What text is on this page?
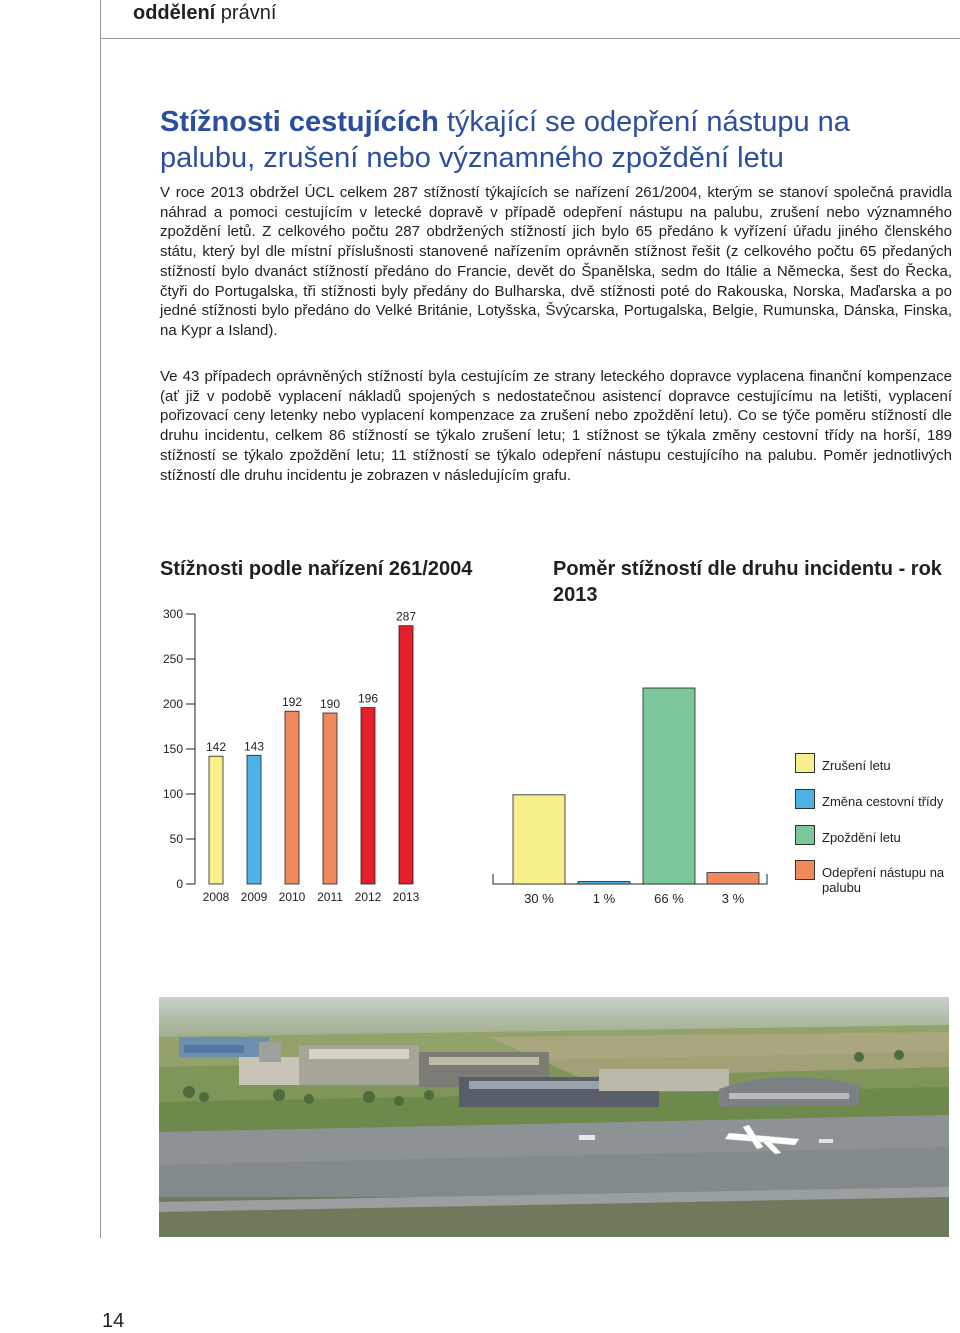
oddělení právní
Stížnosti cestujících týkající se odepření nástupu na palubu, zrušení nebo významného zpoždění letu

V roce 2013 obdržel ÚCL celkem 287 stížností týkajících se nařízení 261/2004, kterým se stanoví společná pravidla náhrad a pomoci cestujícím v letecké dopravě v případě odepření nástupu na palubu, zrušení nebo významného zpoždění letů. Z celkového počtu 287 obdržených stížností jich bylo 65 předáno k vyřízení úřadu jiného členského státu, který byl dle místní příslušnosti stanovené nařízením oprávněn stížnost řešit (z celkového počtu 65 předaných stížností bylo dvanáct stížností předáno do Francie, devět do Španělska, sedm do Itálie a Německa, šest do Řecka, čtyři do Portugalska, tři stížnosti byly předány do Bulharska, dvě stížnosti poté do Rakouska, Norska, Maďarska a po jedné stížnosti bylo předáno do Velké Británie, Lotyšska, Švýcarska, Portugalska, Belgie, Rumunska, Dánska, Finska, na Kypr a Island).

Ve 43 případech oprávněných stížností byla cestujícím ze strany leteckého dopravce vyplacena finanční kompenzace (ať již v podobě vyplacení nákladů spojených s nedostatečnou asistencí dopravce cestujícímu na letišti, vyplacení pořizovací ceny letenky nebo vyplacení kompenzace za zrušení nebo zpoždění letu). Co se týče poměru stížností dle druhu incidentu, celkem 86 stížností se týkalo zrušení letu; 1 stížnost se týkala změny cestovní třídy na horší, 189 stížností se týkalo zpoždění letu; 11 stížností se týkalo odepření nástupu cestujícího na palubu. Poměr jednotlivých stížností dle druhu incidentu je zobrazen v následujícím grafu.

Stížnosti podle nařízení 261/2004	Poměr stížností dle druhu incidentu - rok 2013
0
50
100
150
200
250
300
142
2008
143
2009
192
2010
190
2011
196
2012
287
2013	30 %	1 %	66 %	3 %
Zrušení letu
Změna cestovní třídy
Zpoždění letu
Odepření nástupu na palubu
14
